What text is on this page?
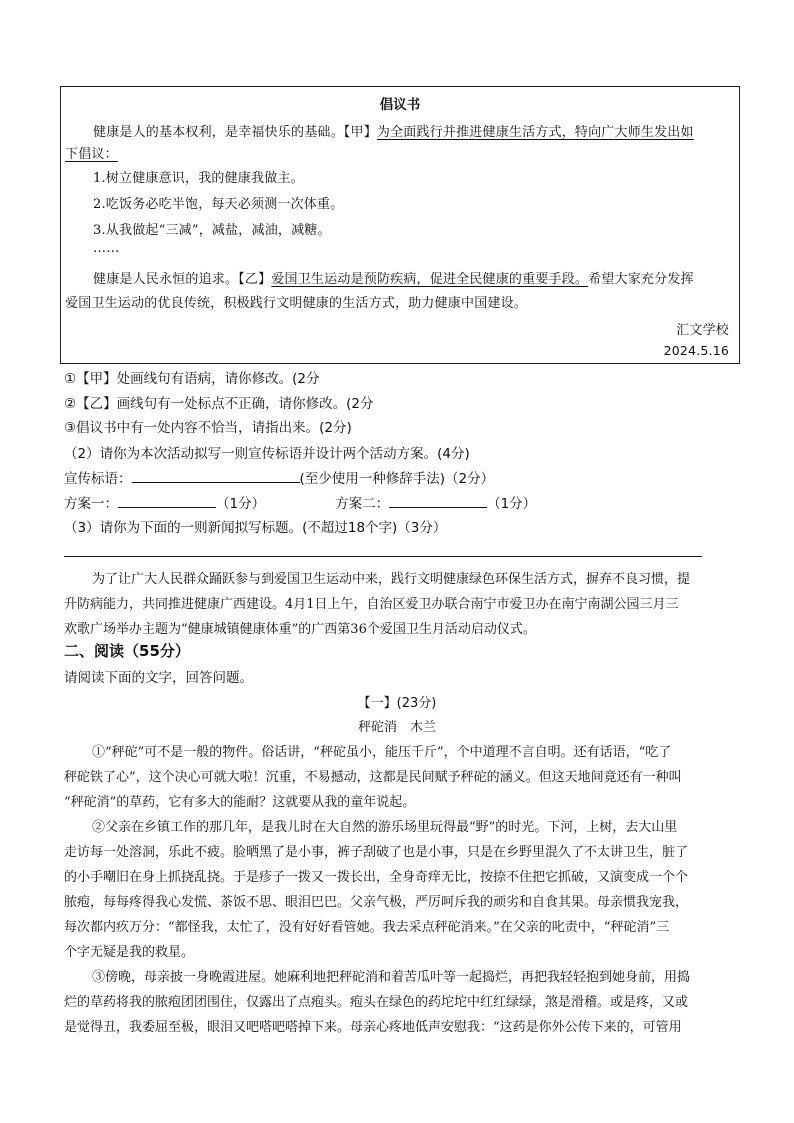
倡议书
健康是人的基本权利，是幸福快乐的基础。【甲】为全面践行并推进健康生活方式，特向广大师生发出如
下倡议：
1.树立健康意识，我的健康我做主。
2.吃饭务必吃半饱，每天必须测一次体重。
3.从我做起“三减”，减盐，减油，减糖。
……
健康是人民永恒的追求。【乙】爱国卫生运动是预防疾病，促进全民健康的重要手段。希望大家充分发挥
爱国卫生运动的优良传统，积极践行文明健康的生活方式，助力健康中国建设。
汇文学校
2024.5.16
①【甲】处画线句有语病，请你修改。(2分
②【乙】画线句有一处标点不正确，请你修改。(2分
③倡议书中有一处内容不恰当，请指出来。(2分)
（2）请你为本次活动拟写一则宣传标语并设计两个活动方案。(4分)
宣传标语：	(至少使用一种修辞手法)（2分）
方案一：	（1分）	方案二：	（1分）
（3）请你为下面的一则新闻拟写标题。(不超过18个字)（3分）
为了让广大人民群众踊跃参与到爱国卫生运动中来，践行文明健康绿色环保生活方式，摒弃不良习惯，提
升防病能力，共同推进健康广西建设。4月1日上午，自治区爱卫办联合南宁市爱卫办在南宁南湖公园三月三
欢歌广场举办主题为“健康城镇健康体重”的广西第36个爱国卫生月活动启动仪式。
二、阅读（55分）
请阅读下面的文字，回答问题。
【一】(23分)
秤砣消　木兰
①“秤砣”可不是一般的物件。俗话讲，“秤砣虽小，能压千斤”，个中道理不言自明。还有话语，“吃了
秤砣铁了心”，这个决心可就大啦！沉重，不易撼动，这都是民间赋予秤砣的涵义。但这天地间竟还有一种叫
“秤砣消”的草药，它有多大的能耐？这就要从我的童年说起。
②父亲在乡镇工作的那几年，是我儿时在大自然的游乐场里玩得最“野”的时光。下河，上树，去大山里
走访每一处溶洞，乐此不疲。脸晒黑了是小事，裤子刮破了也是小事，只是在乡野里混久了不太讲卫生，脏了
的小手嘲旧在身上抓挠乱挠。于是疹子一拨又一拨长出，全身奇痒无比，按捺不住把它抓破，又演变成一个个
脓疱，每每疼得我心发慌、茶饭不思、眼泪巴巴。父亲气极，严厉呵斥我的顽劣和自食其果。母亲惯我宠我，
每次都内疚万分：“都怪我，太忙了，没有好好看管她。我去采点秤砣消来。”在父亲的叱责中，“秤砣消”三
个字无疑是我的救星。
③傍晚，母亲披一身晚霞进屋。她麻利地把秤砣消和着苦瓜叶等一起捣烂，再把我轻轻抱到她身前，用捣
烂的草药将我的脓疱团团围住，仅露出了点疱头。疱头在绿色的药坨坨中红红绿绿，煞是滑稽。或是疼，又或
是觉得丑，我委屈至极，眼泪又吧嗒吧嗒掉下来。母亲心疼地低声安慰我：“这药是你外公传下来的，可管用
